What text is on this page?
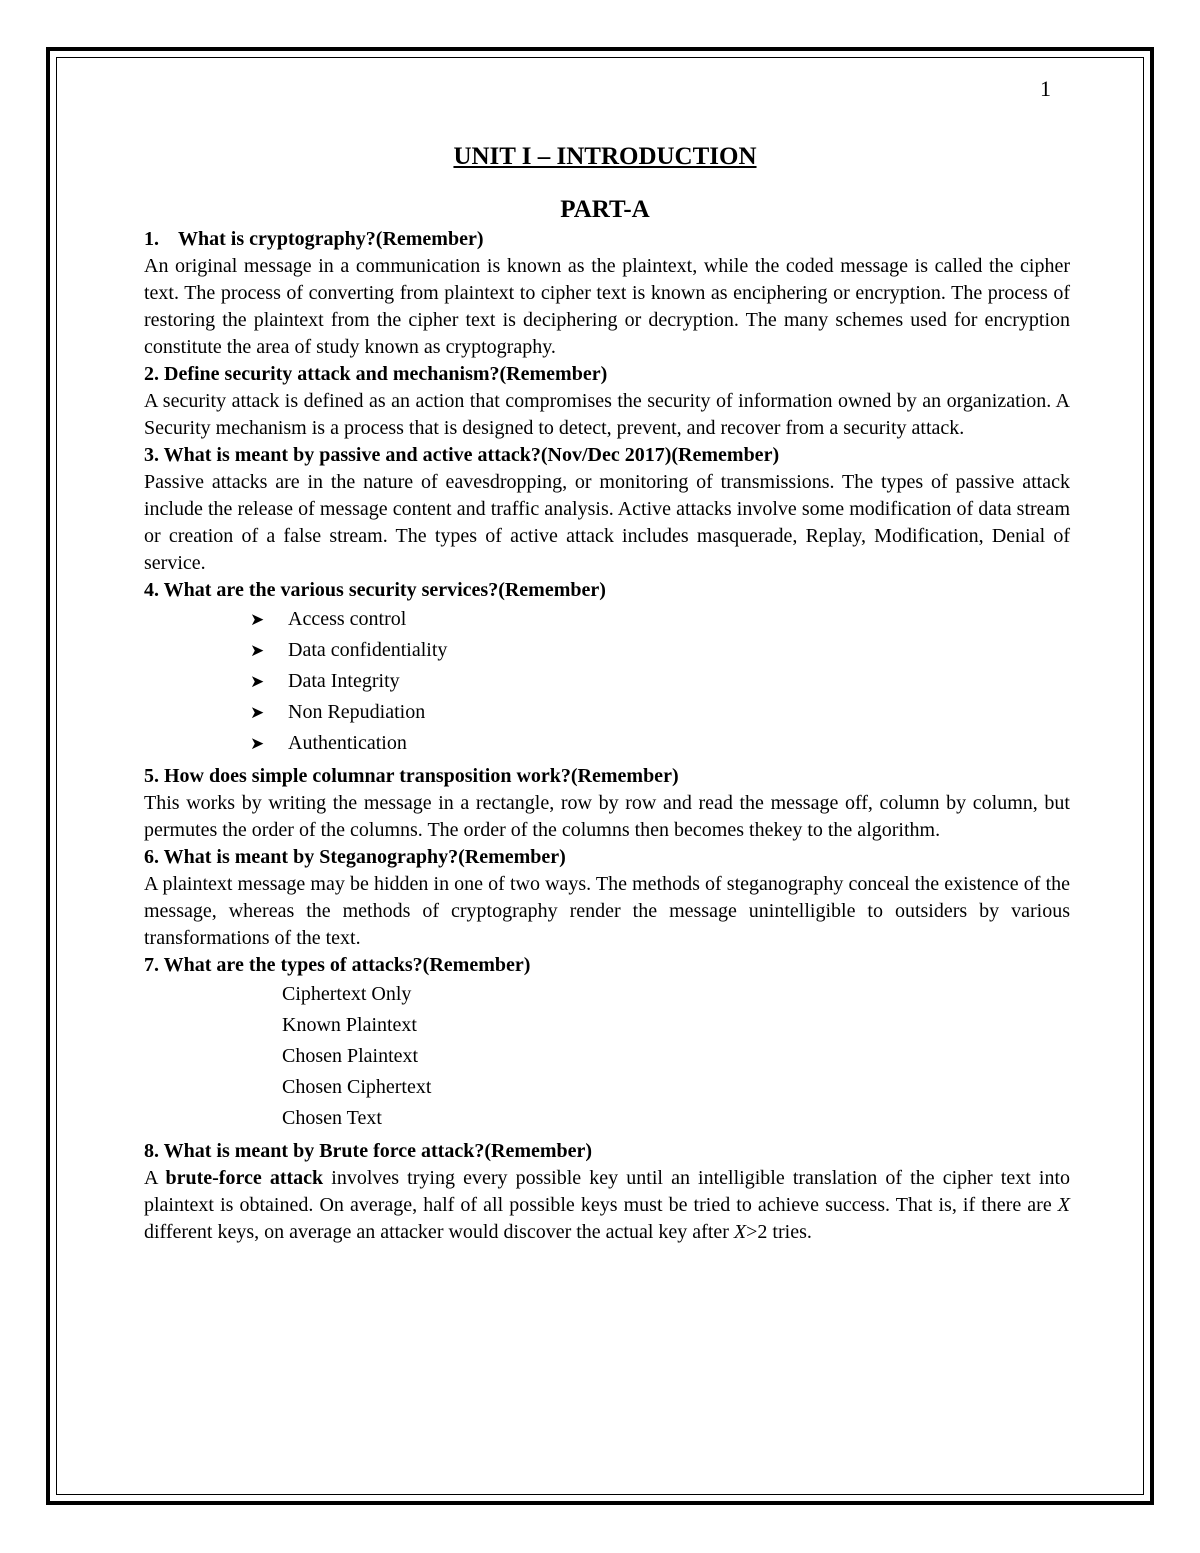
1
UNIT I – INTRODUCTION
PART-A

1. What is cryptography?(Remember)

An original message in a communication is known as the plaintext, while the coded message is called the cipher text. The process of converting from plaintext to cipher text is known as enciphering or encryption. The process of restoring the plaintext from the cipher text is deciphering or decryption. The many schemes used for encryption constitute the area of study known as cryptography.

2. Define security attack and mechanism?(Remember)

A security attack is defined as an action that compromises the security of information owned by an organization. A Security mechanism is a process that is designed to detect, prevent, and recover from a security attack.

3. What is meant by passive and active attack?(Nov/Dec 2017)(Remember)

Passive attacks are in the nature of eavesdropping, or monitoring of transmissions. The types of passive attack include the release of message content and traffic analysis. Active attacks involve some modification of data stream or creation of a false stream. The types of active attack includes masquerade, Replay, Modification, Denial of service.

4. What are the various security services?(Remember)

➤	Access control
➤	Data confidentiality
➤	Data Integrity
➤	Non Repudiation
➤	Authentication

5. How does simple columnar transposition work?(Remember)

This works by writing the message in a rectangle, row by row and read the message off, column by column, but permutes the order of the columns. The order of the columns then becomes thekey to the algorithm.

6. What is meant by Steganography?(Remember)

A plaintext message may be hidden in one of two ways. The methods of steganography conceal the existence of the message, whereas the methods of cryptography render the message unintelligible to outsiders by various transformations of the text.

7. What are the types of attacks?(Remember)

Ciphertext Only
Known Plaintext
Chosen Plaintext
Chosen Ciphertext
Chosen Text

8. What is meant by Brute force attack?(Remember)

A brute-force attack involves trying every possible key until an intelligible translation of the cipher text into plaintext is obtained. On average, half of all possible keys must be tried to achieve success. That is, if there are X different keys, on average an attacker would discover the actual key after X>2 tries.
